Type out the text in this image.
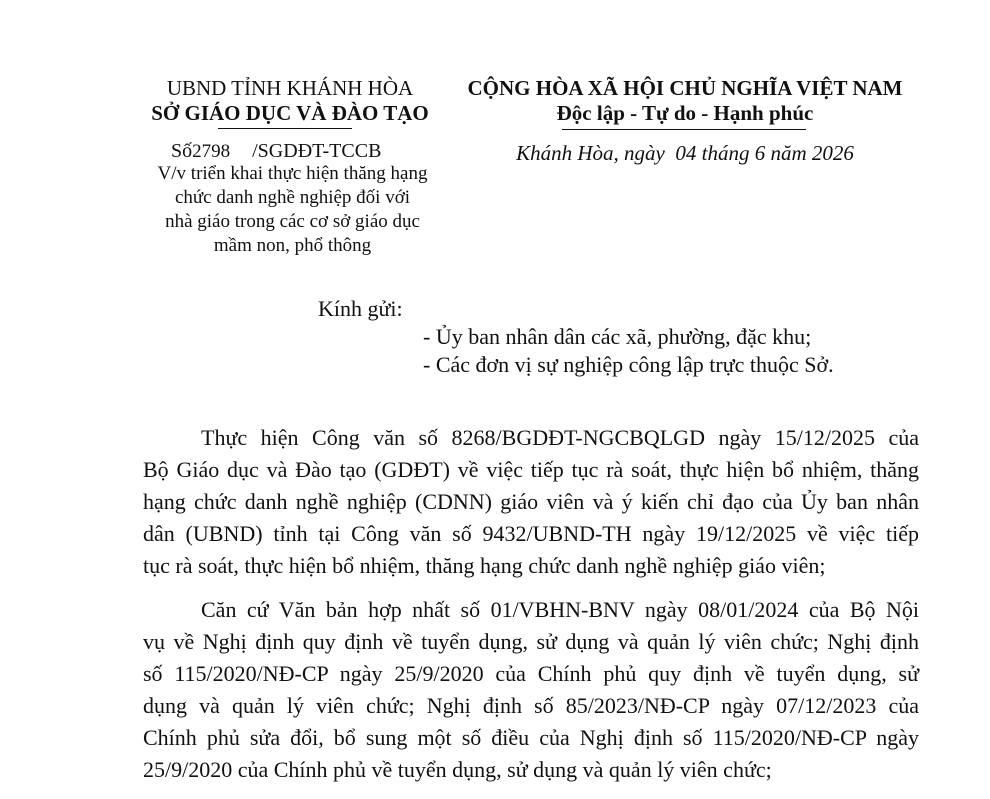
UBND TỈNH KHÁNH HÒA
SỞ GIÁO DỤC VÀ ĐÀO TẠO
CỘNG HÒA XÃ HỘI CHỦ NGHĨA VIỆT NAM
Độc lập - Tự do - Hạnh phúc
Số2798 /SGDĐT-TCCB
V/v triển khai thực hiện thăng hạng
chức danh nghề nghiệp đối với
nhà giáo trong các cơ sở giáo dục
mầm non, phổ thông
Khánh Hòa, ngày  04 tháng 6 năm 2026
Kính gửi:
- Ủy ban nhân dân các xã, phường, đặc khu;
- Các đơn vị sự nghiệp công lập trực thuộc Sở.
Thực hiện Công văn số 8268/BGDĐT-NGCBQLGD ngày 15/12/2025 của
Bộ Giáo dục và Đào tạo (GDĐT) về việc tiếp tục rà soát, thực hiện bổ nhiệm, thăng
hạng chức danh nghề nghiệp (CDNN) giáo viên và ý kiến chỉ đạo của Ủy ban nhân
dân (UBND) tỉnh tại Công văn số 9432/UBND-TH ngày 19/12/2025 về việc tiếp
tục rà soát, thực hiện bổ nhiệm, thăng hạng chức danh nghề nghiệp giáo viên;
Căn cứ Văn bản hợp nhất số 01/VBHN-BNV ngày 08/01/2024 của Bộ Nội
vụ về Nghị định quy định về tuyển dụng, sử dụng và quản lý viên chức; Nghị định
số 115/2020/NĐ-CP ngày 25/9/2020 của Chính phủ quy định về tuyển dụng, sử
dụng và quản lý viên chức; Nghị định số 85/2023/NĐ-CP ngày 07/12/2023 của
Chính phủ sửa đổi, bổ sung một số điều của Nghị định số 115/2020/NĐ-CP ngày
25/9/2020 của Chính phủ về tuyển dụng, sử dụng và quản lý viên chức;
